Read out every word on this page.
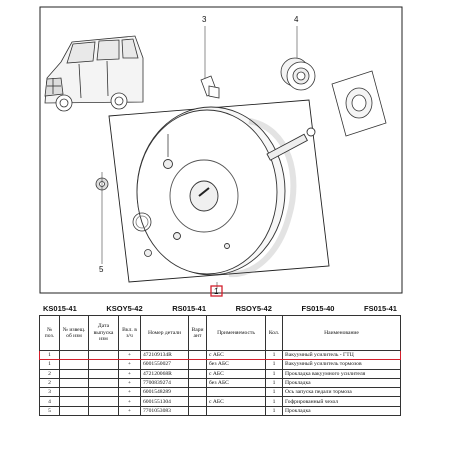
3	4
5
1
KS015-41	KSOY5-42	RS015-41	RSOY5-42	FS015-40	FS015-41
№ поз.	№ извещ. об изм	Дата выпуска изм	Вкл. в з/ч	Номер детали	Вари ант	Применяемость	Кол.	Наименование
1			+	472109134R		с АБС	1	Вакуумный усилитель - ГТЦ
1			+	6001550027		без АБС	1	Вакуумный усилитель тормозов
2			+	472120068R		с АБС	1	Прокладка вакуумного усилителя
2			+	7700839274		без АБС	1	Прокладка
3			+	6001548289			1	Ось запуска педали тормоза
4			+	6001551304		с АБС	1	Гофрированный чехол
5			+	7701053083			1	Прокладка
